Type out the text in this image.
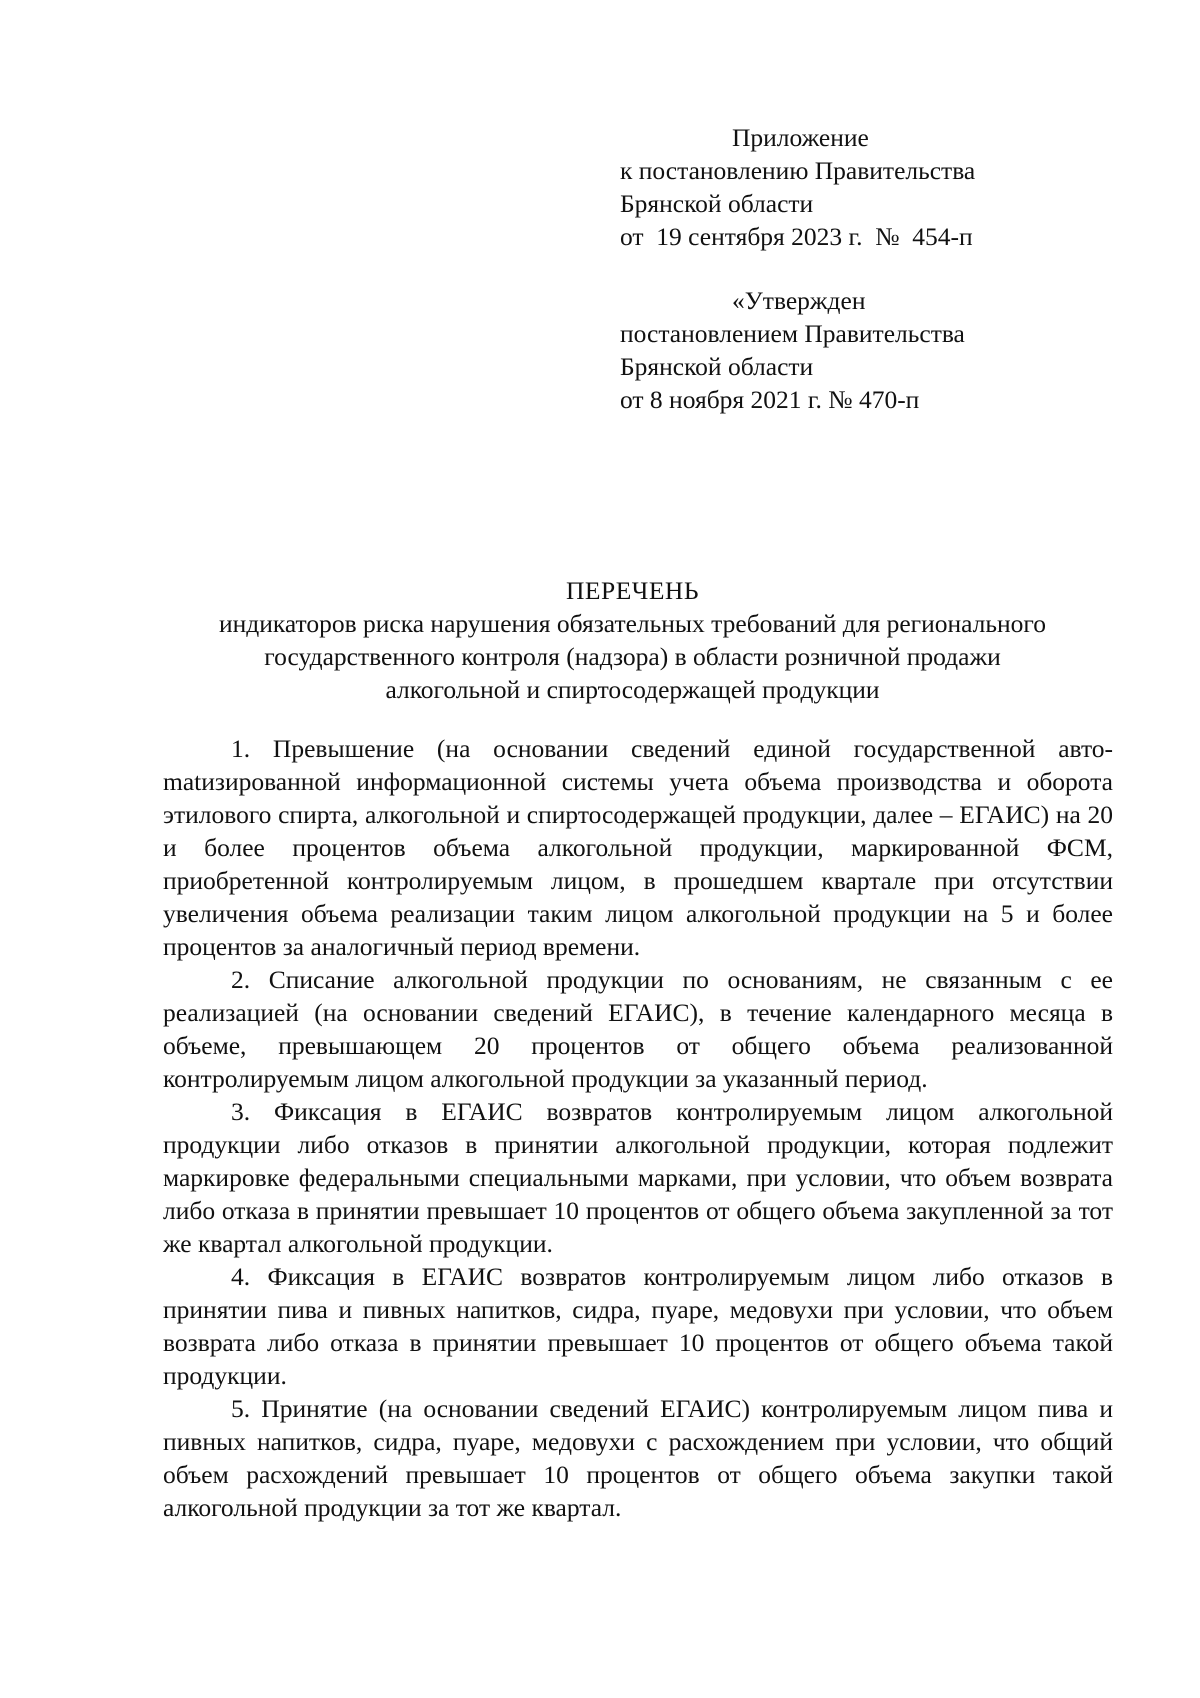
Приложение
к постановлению Правительства
Брянской области
от  19 сентября 2023 г.  №  454-п
«Утвержден
постановлением Правительства
Брянской области
от 8 ноября 2021 г. № 470-п
ПЕРЕЧЕНЬ
индикаторов риска нарушения обязательных требований для регионального
государственного контроля (надзора) в области розничной продажи
алкогольной и спиртосодержащей продукции

1. Превышение (на основании сведений единой государственной автоmatизированной информационной системы учета объема производства и оборота этилового спирта, алкогольной и спиртосодержащей продукции, далее – ЕГАИС) на 20 и более процентов объема алкогольной продукции, маркированной ФСМ, приобретенной контролируемым лицом, в прошедшем квартале при отсутствии увеличения объема реализации таким лицом алкогольной продукции на 5 и более процентов за аналогичный период времени.

2. Списание алкогольной продукции по основаниям, не связанным с ее реализацией (на основании сведений ЕГАИС), в течение календарного месяца в объеме, превышающем 20 процентов от общего объема реализованной контролируемым лицом алкогольной продукции за указанный период.

3. Фиксация в ЕГАИС возвратов контролируемым лицом алкогольной продукции либо отказов в принятии алкогольной продукции, которая подлежит маркировке федеральными специальными марками, при условии, что объем возврата либо отказа в принятии превышает 10 процентов от общего объема закупленной за тот же квартал алкогольной продукции.

4. Фиксация в ЕГАИС возвратов контролируемым лицом либо отказов в принятии пива и пивных напитков, сидра, пуаре, медовухи при условии, что объем возврата либо отказа в принятии превышает 10 процентов от общего объема такой продукции.

5. Принятие (на основании сведений ЕГАИС) контролируемым лицом пива и пивных напитков, сидра, пуаре, медовухи с расхождением при условии, что общий объем расхождений превышает 10 процентов от общего объема закупки такой алкогольной продукции за тот же квартал.
